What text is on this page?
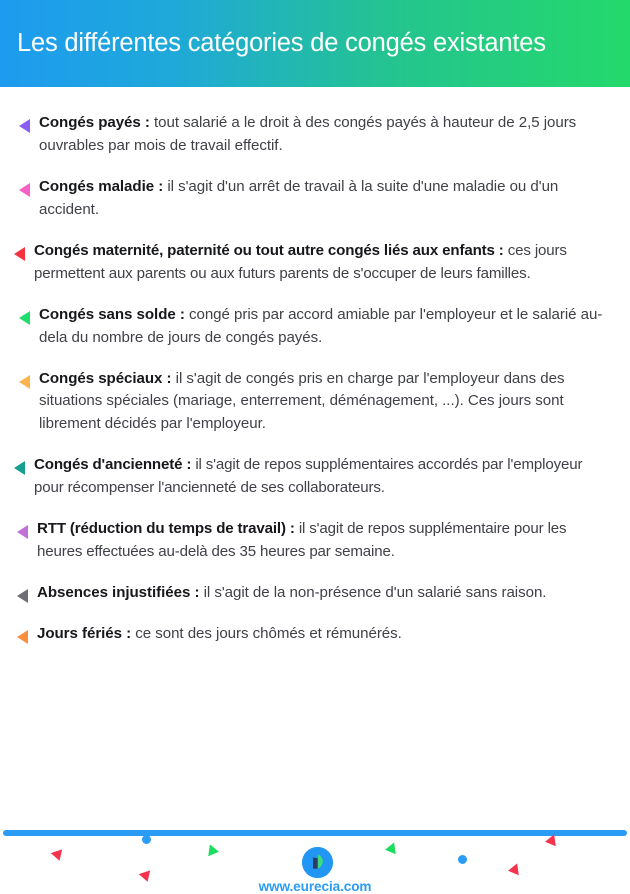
Les différentes catégories de congés existantes
Congés payés : tout salarié a le droit à des congés payés à hauteur de 2,5 jours ouvrables par mois de travail effectif.
Congés maladie : il s'agit d'un arrêt de travail à la suite d'une maladie ou d'un accident.
Congés maternité, paternité ou tout autre congés liés aux enfants : ces jours permettent aux parents ou aux futurs parents de s'occuper de leurs familles.
Congés sans solde : congé pris par accord amiable par l'employeur et le salarié au-dela du nombre de jours de congés payés.
Congés spéciaux : il s'agit de congés pris en charge par l'employeur dans des situations spéciales (mariage, enterrement, déménagement, ...). Ces jours sont librement décidés par l'employeur.
Congés d'ancienneté : il s'agit de repos supplémentaires accordés par l'employeur pour récompenser l'ancienneté de ses collaborateurs.
RTT (réduction du temps de travail) : il s'agit de repos supplémentaire pour les heures effectuées au-delà des 35 heures par semaine.
Absences injustifiées : il s'agit de la non-présence d'un salarié sans raison.
Jours fériés : ce sont des jours chômés et rémunérés.
www.eurecia.com
